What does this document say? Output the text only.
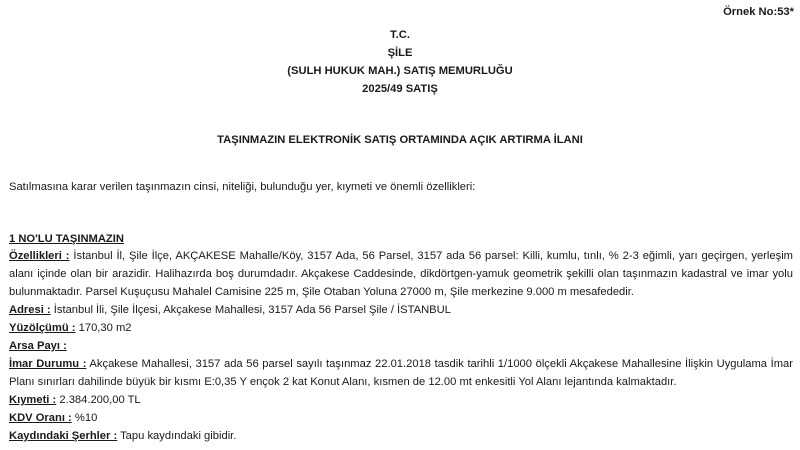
Örnek No:53*
T.C.
ŞİLE
(SULH HUKUK MAH.) SATIŞ MEMURLUĞU
2025/49 SATIŞ
TAŞINMAZIN ELEKTRONİK SATIŞ ORTAMINDA AÇIK ARTIRMA İLANI
Satılmasına karar verilen taşınmazın cinsi, niteliği, bulunduğu yer, kıymeti ve önemli özellikleri:
1 NO'LU TAŞINMAZIN
Özellikleri : İstanbul İl, Şile İlçe, AKÇAKESE Mahalle/Köy, 3157 Ada, 56 Parsel, 3157 ada 56 parsel: Killi, kumlu, tınlı, % 2-3 eğimli, yarı geçirgen, yerleşim alanı içinde olan bir arazidir. Halihazırda boş durumdadır. Akçakese Caddesinde, dikdörtgen-yamuk geometrik şekilli olan taşınmazın kadastral ve imar yolu bulunmaktadır. Parsel Kuşuçusu Mahalel Camisine 225 m, Şile Otaban Yoluna 27000 m, Şile merkezine 9.000 m mesafededir.
Adresi : İstanbul İli, Şile İlçesi, Akçakese Mahallesi, 3157 Ada 56 Parsel Şile / İSTANBUL
Yüzölçümü : 170,30 m2
Arsa Payı :
İmar Durumu : Akçakese Mahallesi, 3157 ada 56 parsel sayılı taşınmaz 22.01.2018 tasdik tarihli 1/1000 ölçekli Akçakese Mahallesine İlişkin Uygulama İmar Planı sınırları dahilinde büyük bir kısmı E:0,35 Y ençok 2 kat Konut Alanı, kısmen de 12.00 mt enkesitli Yol Alanı lejantında kalmaktadır.
Kıymeti : 2.384.200,00 TL
KDV Oranı : %10
Kaydındaki Şerhler : Tapu kaydındaki gibidir.
